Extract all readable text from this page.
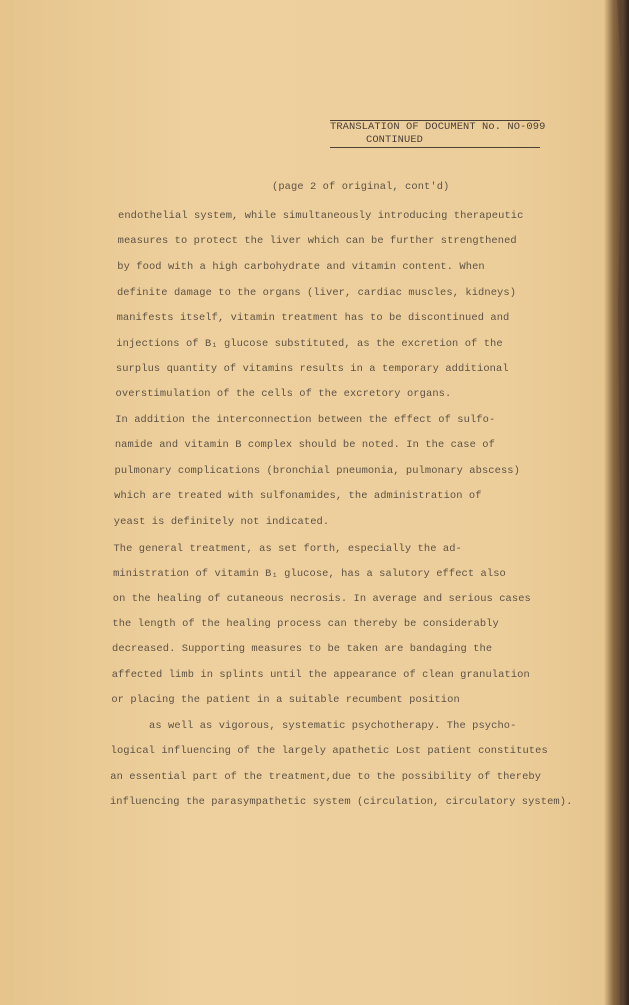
TRANSLATION OF DOCUMENT No. NO-099
CONTINUED
(page 2 of original, cont'd)
endothelial system, while simultaneously introducing therapeutic
measures to protect the liver which can be further strengthened
by food with a high carbohydrate and vitamin content. When
definite damage to the organs (liver, cardiac muscles, kidneys)
manifests itself, vitamin treatment has to be discontinued and
injections of B₁ glucose substituted, as the excretion of the
surplus quantity of vitamins results in a temporary additional
overstimulation of the cells of the excretory organs.
In addition the interconnection between the effect of sulfo-
namide and vitamin B complex should be noted. In the case of
pulmonary complications (bronchial pneumonia, pulmonary abscess)
which are treated with sulfonamides, the administration of
yeast is definitely not indicated.
The general treatment, as set forth, especially the ad-
ministration of vitamin B₁ glucose, has a salutory effect also
on the healing of cutaneous necrosis. In average and serious cases
the length of the healing process can thereby be considerably
decreased. Supporting measures to be taken are bandaging the
affected limb in splints until the appearance of clean granulation
or placing the patient in a suitable recumbent position
as well as vigorous, systematic psychotherapy. The psycho-
logical influencing of the largely apathetic Lost patient constitutes
an essential part of the treatment,due to the possibility of thereby
influencing the parasympathetic system (circulation, circulatory system).
